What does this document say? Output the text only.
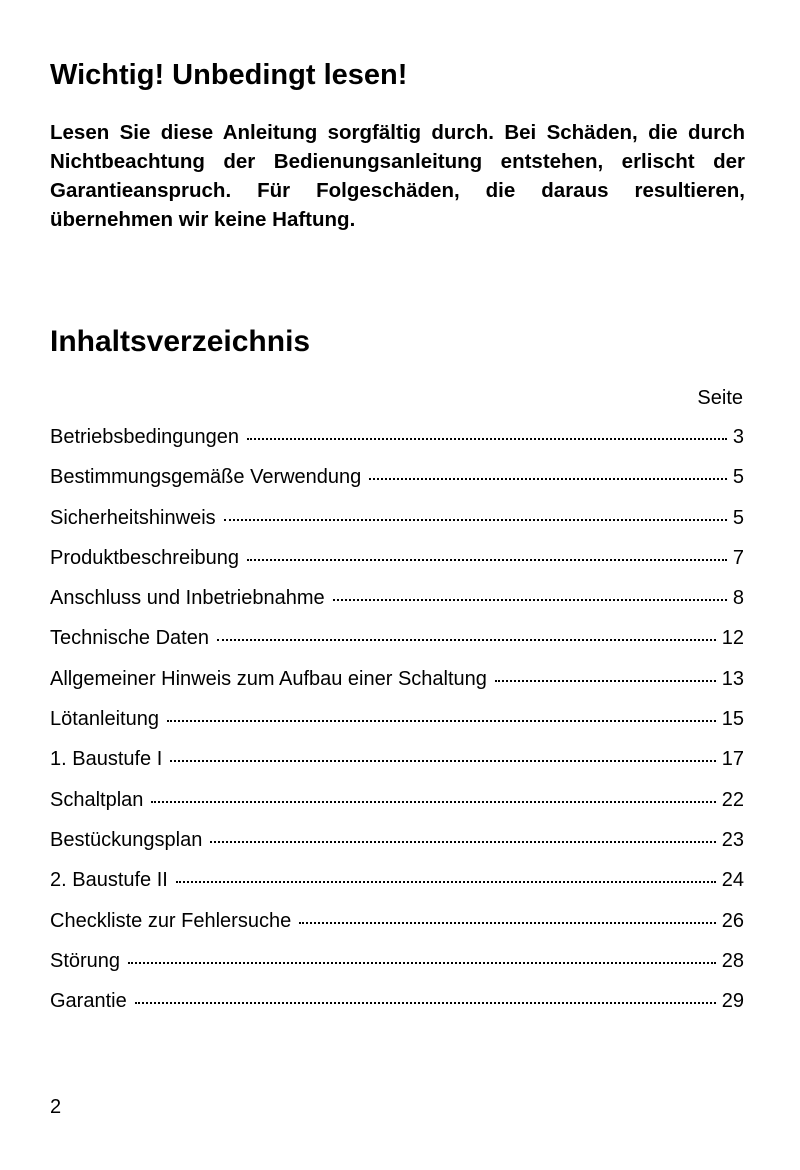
Wichtig! Unbedingt lesen!

Lesen Sie diese Anleitung sorgfältig durch. Bei Schäden, die durch Nichtbeachtung der Bedienungsanleitung entstehen, erlischt der Garantieanspruch. Für Folgeschäden, die daraus resultieren, übernehmen wir keine Haftung.

Inhaltsverzeichnis
Seite
Betriebsbedingungen	3
Bestimmungsgemäße Verwendung	5
Sicherheitshinweis	5
Produktbeschreibung	7
Anschluss und Inbetriebnahme	8
Technische Daten	12
Allgemeiner Hinweis zum Aufbau einer Schaltung	13
Lötanleitung	15
1. Baustufe I	17
Schaltplan	22
Bestückungsplan	23
2. Baustufe II	24
Checkliste zur Fehlersuche	26
Störung	28
Garantie	29
2
